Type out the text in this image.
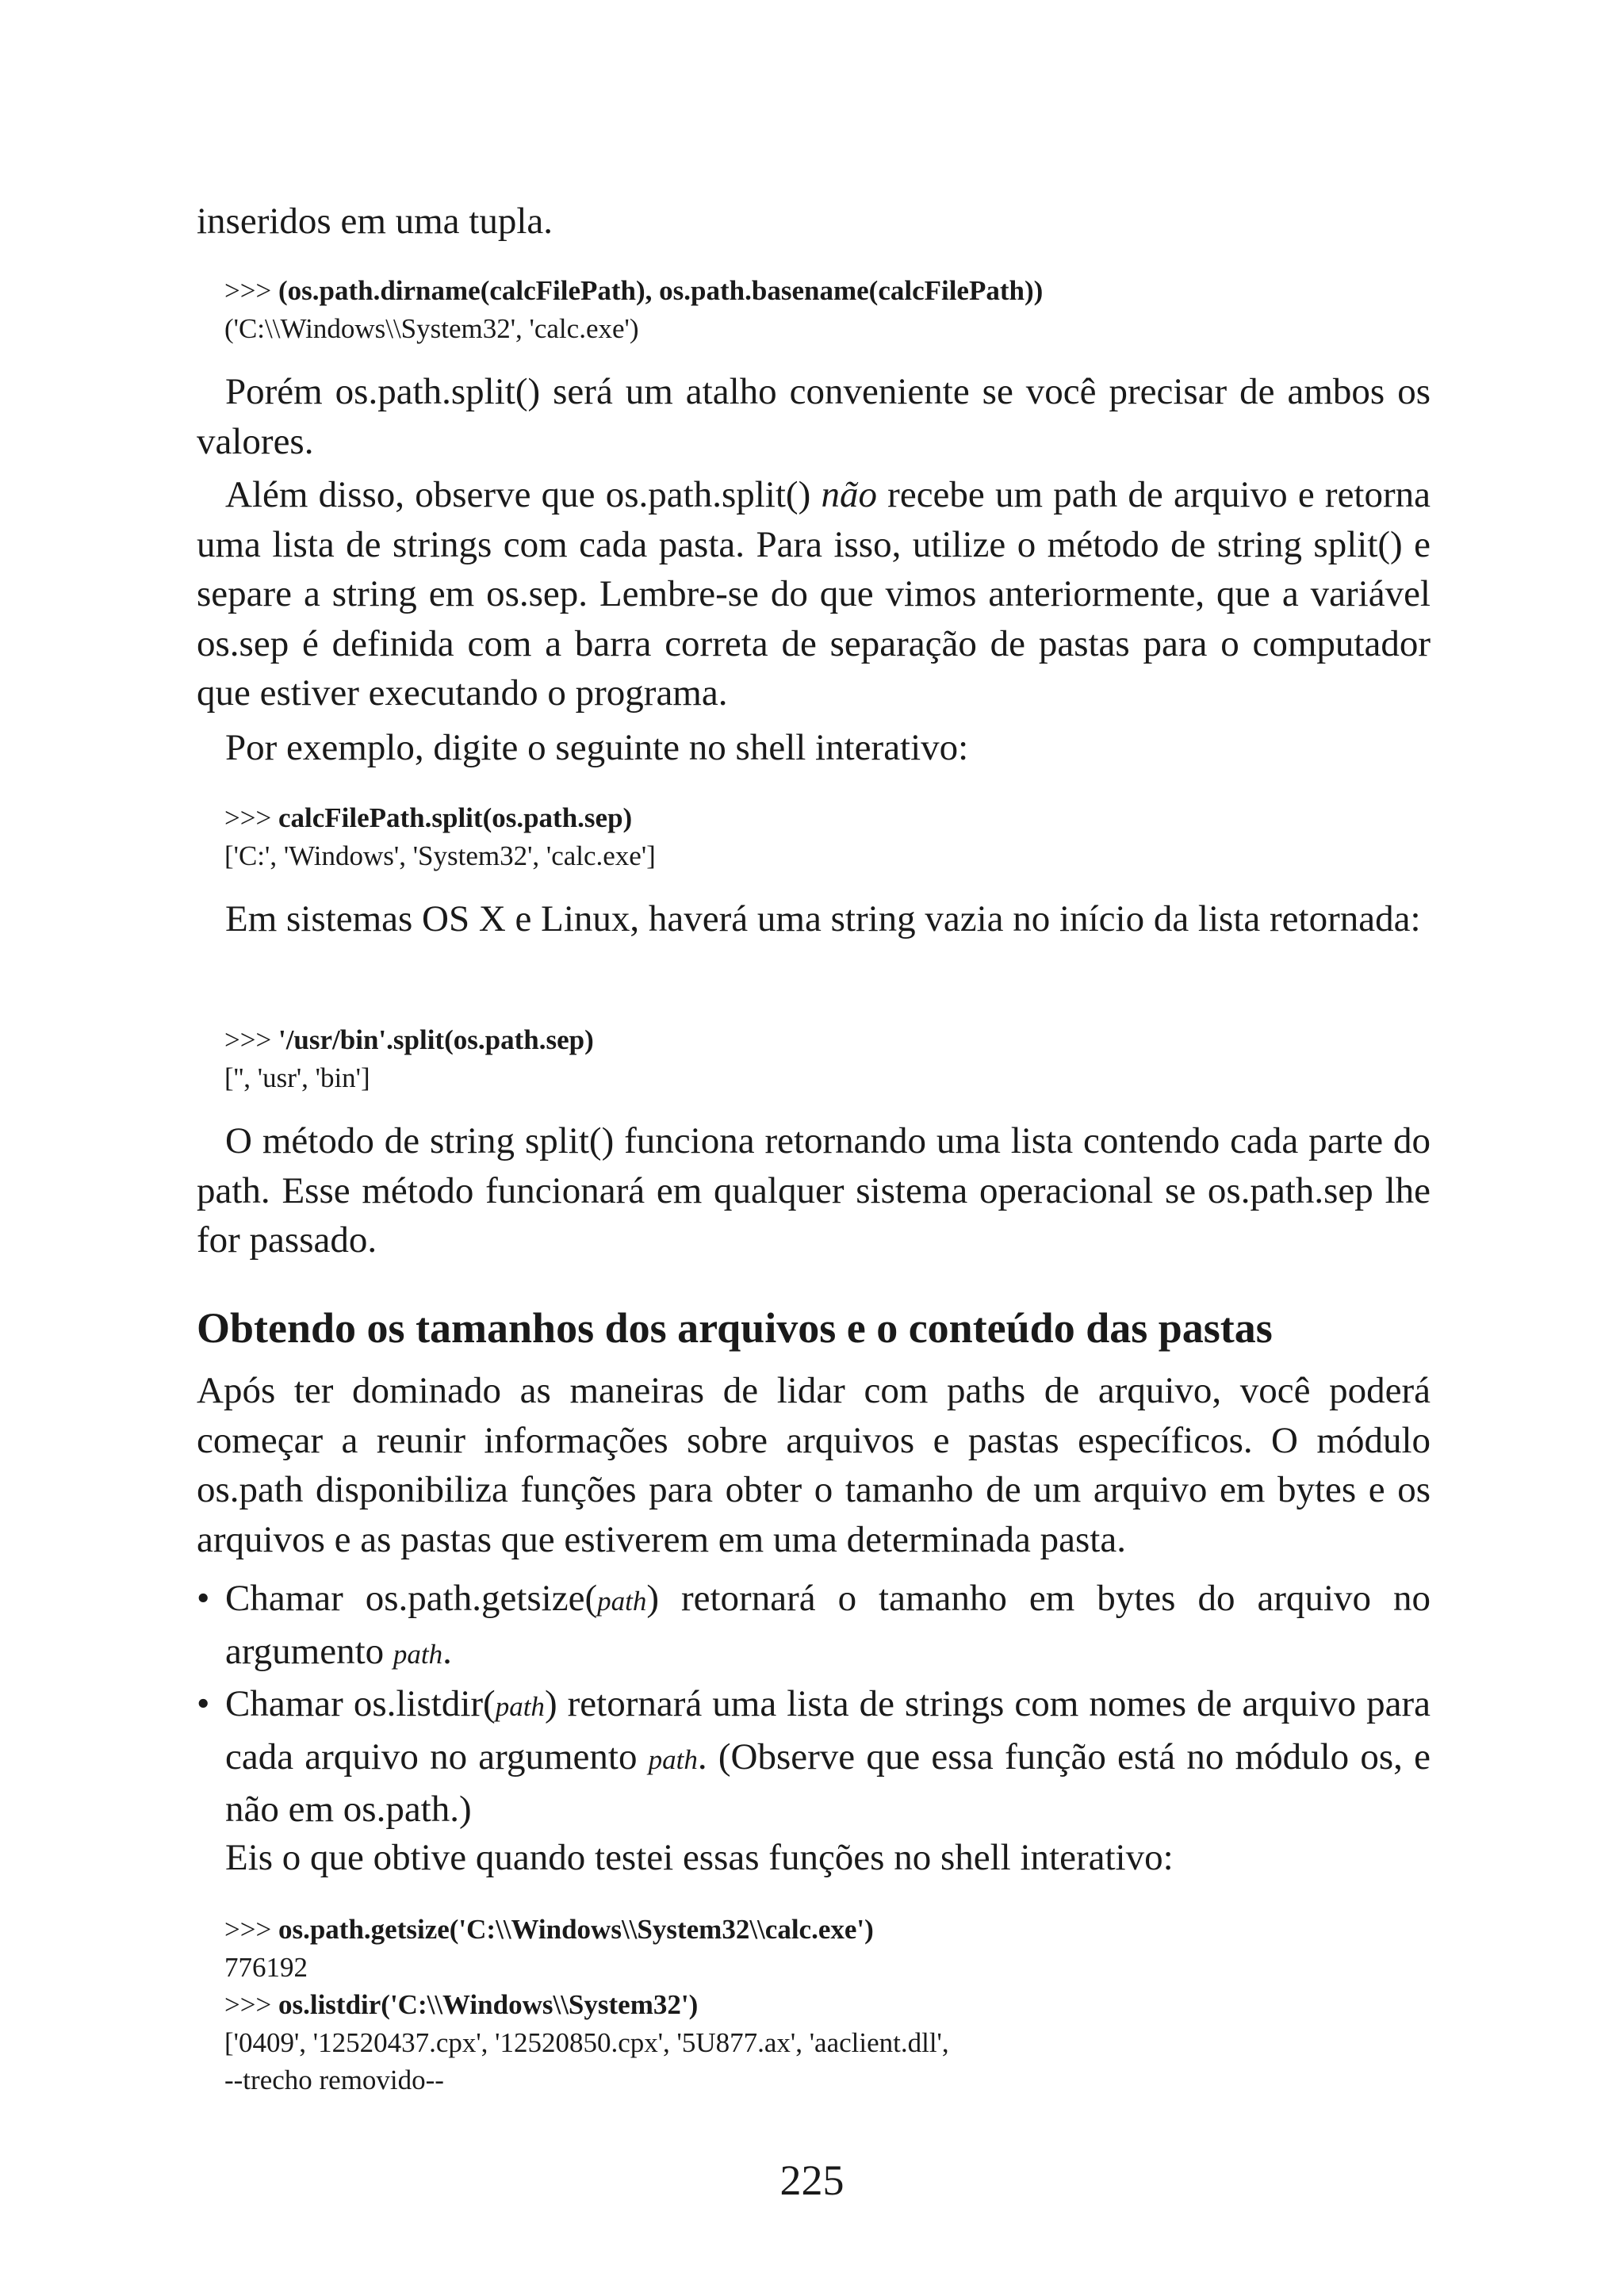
inseridos em uma tupla.

>>> (os.path.dirname(calcFilePath), os.path.basename(calcFilePath))
('C:\\Windows\\System32', 'calc.exe')

Porém os.path.split() será um atalho conveniente se você precisar de ambos os valores.

Além disso, observe que os.path.split() não recebe um path de arquivo e retorna uma lista de strings com cada pasta. Para isso, utilize o método de string split() e separe a string em os.sep. Lembre-se do que vimos anteriormente, que a variável os.sep é definida com a barra correta de separação de pastas para o computador que estiver executando o programa.

Por exemplo, digite o seguinte no shell interativo:

>>> calcFilePath.split(os.path.sep)
['C:', 'Windows', 'System32', 'calc.exe']

Em sistemas OS X e Linux, haverá uma string vazia no início da lista retornada:

>>> '/usr/bin'.split(os.path.sep)
['', 'usr', 'bin']

O método de string split() funciona retornando uma lista contendo cada parte do path. Esse método funcionará em qualquer sistema operacional se os.path.sep lhe for passado.

Obtendo os tamanhos dos arquivos e o conteúdo das pastas

Após ter dominado as maneiras de lidar com paths de arquivo, você poderá começar a reunir informações sobre arquivos e pastas específicos. O módulo os.path disponibiliza funções para obter o tamanho de um arquivo em bytes e os arquivos e as pastas que estiverem em uma determinada pasta.

• Chamar os.path.getsize(path) retornará o tamanho em bytes do arquivo no argumento path.

• Chamar os.listdir(path) retornará uma lista de strings com nomes de arquivo para cada arquivo no argumento path. (Observe que essa função está no módulo os, e não em os.path.)

Eis o que obtive quando testei essas funções no shell interativo:

>>> os.path.getsize('C:\\Windows\\System32\\calc.exe')
776192
>>> os.listdir('C:\\Windows\\System32')
['0409', '12520437.cpx', '12520850.cpx', '5U877.ax', 'aaclient.dll',
--trecho removido--
225
